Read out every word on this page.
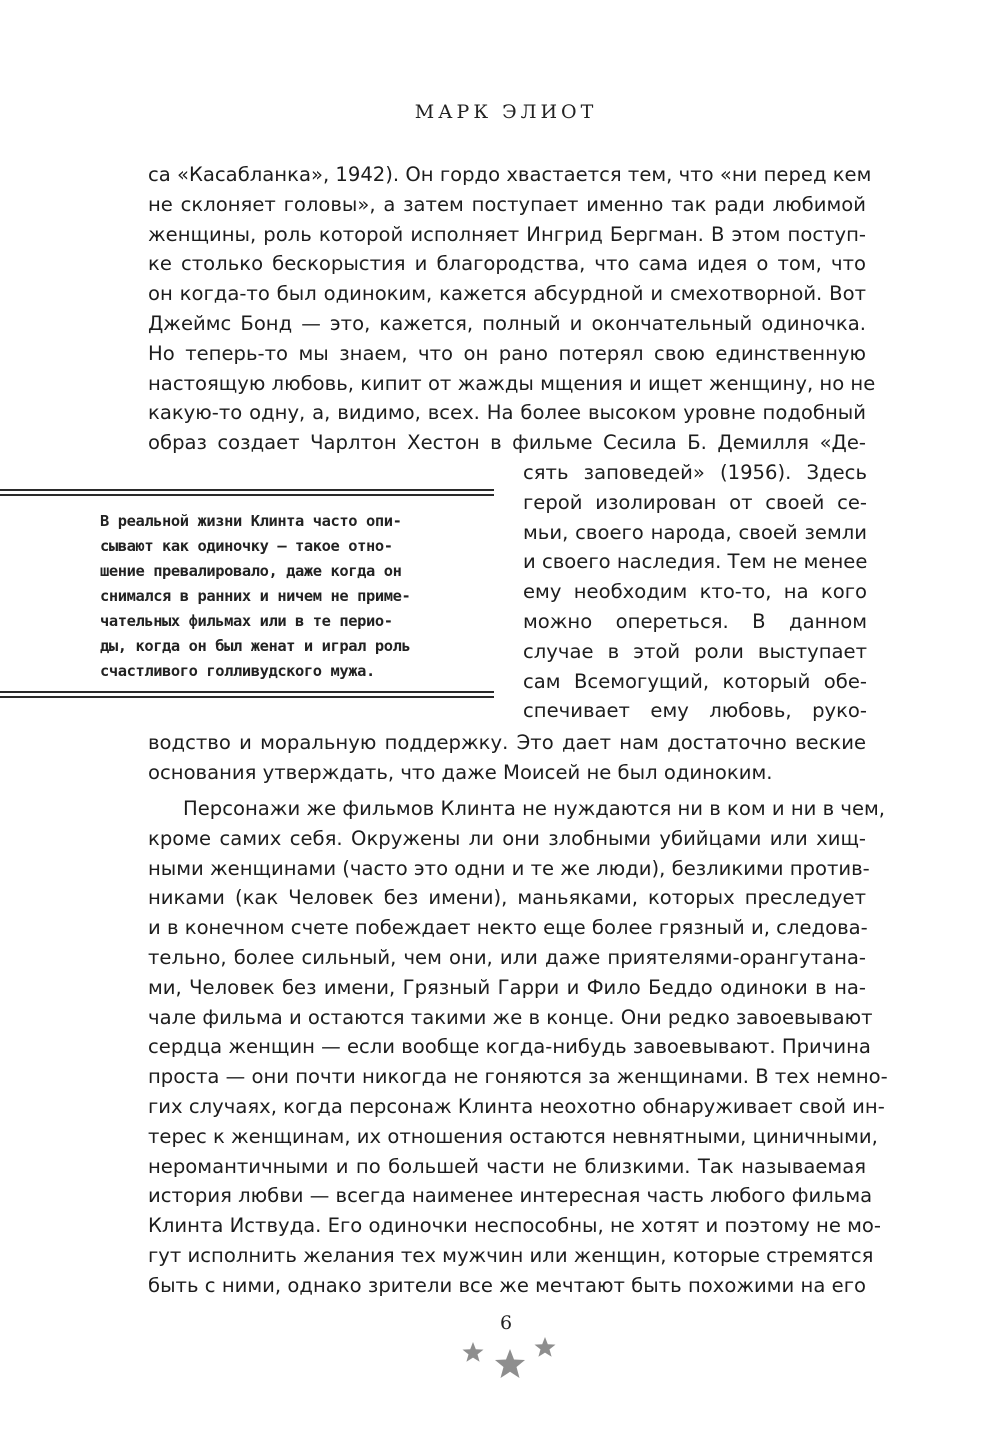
МАРК ЭЛИОТ
са «Касабланка», 1942). Он гордо хвастается тем, что «ни перед кем
не склоняет головы», а затем поступает именно так ради любимой
женщины, роль которой исполняет Ингрид Бергман. В этом поступ-
ке столько бескорыстия и благородства, что сама идея о том, что
он когда-то был одиноким, кажется абсурдной и смехотворной. Вот
Джеймс Бонд — это, кажется, полный и окончательный одиночка.
Но теперь-то мы знаем, что он рано потерял свою единственную
настоящую любовь, кипит от жажды мщения и ищет женщину, но не
какую-то одну, а, видимо, всех. На более высоком уровне подобный
образ создает Чарлтон Хестон в фильме Сесила Б. Демилля «Де-
сять заповедей» (1956). Здесь
герой изолирован от своей се-
мьи, своего народа, своей земли
и своего наследия. Тем не менее
ему необходим кто-то, на кого
можно опереться. В данном
случае в этой роли выступает
сам Всемогущий, который обе-
спечивает ему любовь, руко-
В реальной жизни Клинта часто опи-
сывают как одиночку — такое отно-
шение превалировало, даже когда он
снимался в ранних и ничем не приме-
чательных фильмах или в те перио-
ды, когда он был женат и играл роль
счастливого голливудского мужа.
водство и моральную поддержку. Это дает нам достаточно веские
основания утверждать, что даже Моисей не был одиноким.
Персонажи же фильмов Клинта не нуждаются ни в ком и ни в чем,
кроме самих себя. Окружены ли они злобными убийцами или хищ-
ными женщинами (часто это одни и те же люди), безликими против-
никами (как Человек без имени), маньяками, которых преследует
и в конечном счете побеждает некто еще более грязный и, следова-
тельно, более сильный, чем они, или даже приятелями-орангутана-
ми, Человек без имени, Грязный Гарри и Фило Беддо одиноки в на-
чале фильма и остаются такими же в конце. Они редко завоевывают
сердца женщин — если вообще когда-нибудь завоевывают. Причина
проста — они почти никогда не гоняются за женщинами. В тех немно-
гих случаях, когда персонаж Клинта неохотно обнаруживает свой ин-
терес к женщинам, их отношения остаются невнятными, циничными,
неромантичными и по большей части не близкими. Так называемая
история любви — всегда наименее интересная часть любого фильма
Клинта Иствуда. Его одиночки неспособны, не хотят и поэтому не мо-
гут исполнить желания тех мужчин или женщин, которые стремятся
быть с ними, однако зрители все же мечтают быть похожими на его
6
